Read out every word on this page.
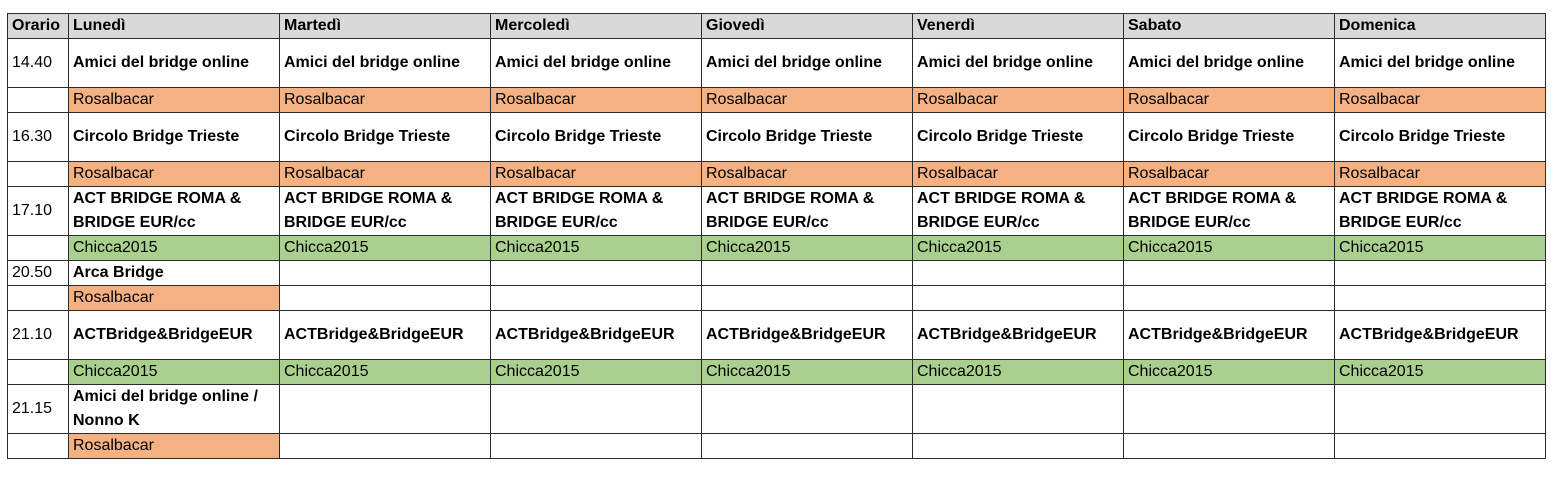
Orario	Lunedì	Martedì	Mercoledì	Giovedì	Venerdì	Sabato	Domenica
14.40	Amici del bridge online	Amici del bridge online	Amici del bridge online	Amici del bridge online	Amici del bridge online	Amici del bridge online	Amici del bridge online
	Rosalbacar	Rosalbacar	Rosalbacar	Rosalbacar	Rosalbacar	Rosalbacar	Rosalbacar
16.30	Circolo Bridge Trieste	Circolo Bridge Trieste	Circolo Bridge Trieste	Circolo Bridge Trieste	Circolo Bridge Trieste	Circolo Bridge Trieste	Circolo Bridge Trieste
	Rosalbacar	Rosalbacar	Rosalbacar	Rosalbacar	Rosalbacar	Rosalbacar	Rosalbacar
17.10	ACT BRIDGE ROMA & BRIDGE EUR/cc	ACT BRIDGE ROMA & BRIDGE EUR/cc	ACT BRIDGE ROMA & BRIDGE EUR/cc	ACT BRIDGE ROMA & BRIDGE EUR/cc	ACT BRIDGE ROMA & BRIDGE EUR/cc	ACT BRIDGE ROMA & BRIDGE EUR/cc	ACT BRIDGE ROMA & BRIDGE EUR/cc
	Chicca2015	Chicca2015	Chicca2015	Chicca2015	Chicca2015	Chicca2015	Chicca2015
20.50	Arca Bridge						
	Rosalbacar						
21.10	ACTBridge&BridgeEUR	ACTBridge&BridgeEUR	ACTBridge&BridgeEUR	ACTBridge&BridgeEUR	ACTBridge&BridgeEUR	ACTBridge&BridgeEUR	ACTBridge&BridgeEUR
	Chicca2015	Chicca2015	Chicca2015	Chicca2015	Chicca2015	Chicca2015	Chicca2015
21.15	Amici del bridge online / Nonno K						
	Rosalbacar						
